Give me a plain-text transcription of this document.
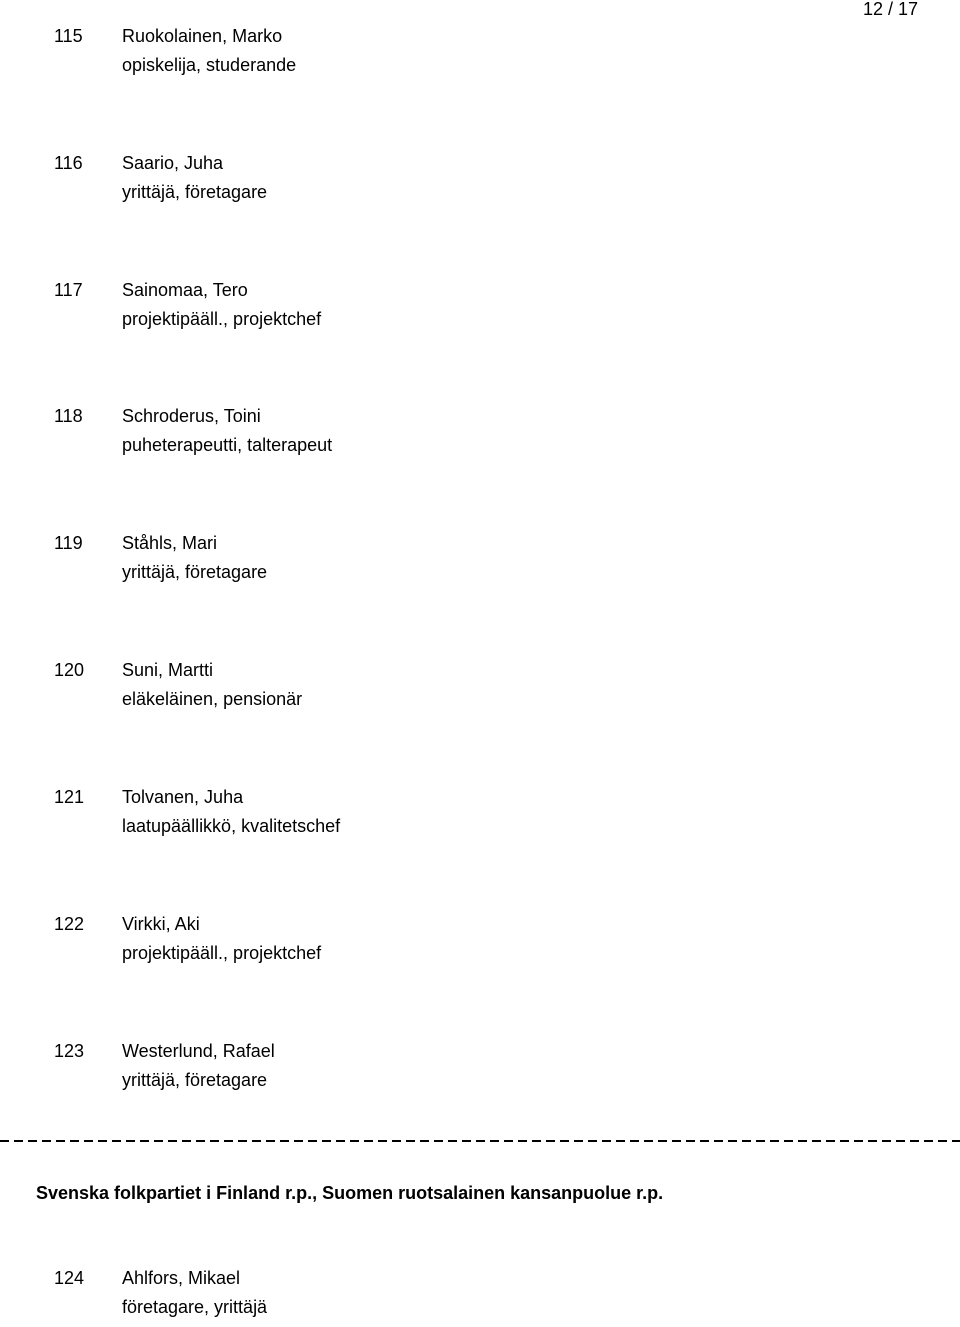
12 / 17
115 Ruokolainen, Marko
opiskelija, studerande
116 Saario, Juha
yrittäjä, företagare
117 Sainomaa, Tero
projektipääll., projektchef
118 Schroderus, Toini
puheterapeutti, talterapeut
119 Ståhls, Mari
yrittäjä, företagare
120 Suni, Martti
eläkeläinen, pensionär
121 Tolvanen, Juha
laatupäällikkö, kvalitetschef
122 Virkki, Aki
projektipääll., projektchef
123 Westerlund, Rafael
yrittäjä, företagare
Svenska folkpartiet i Finland r.p., Suomen ruotsalainen kansanpuolue r.p.
124 Ahlfors, Mikael
företagare, yrittäjä
